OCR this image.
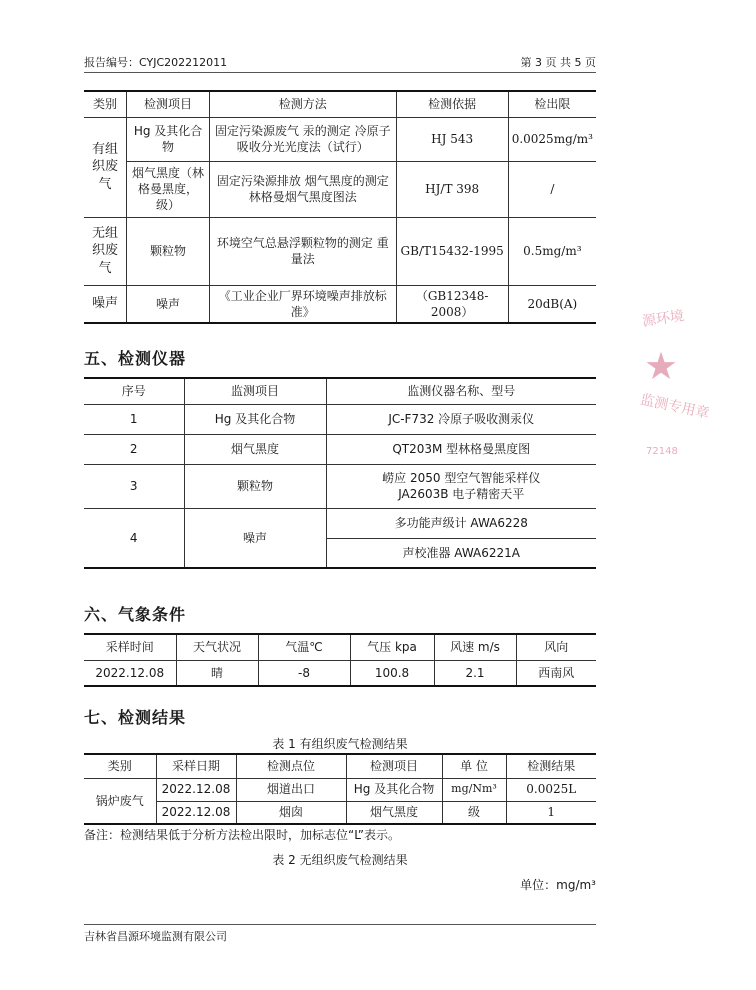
报告编号：CYJC202212011	第 3 页 共 5 页
类别	检测项目	检测方法	检测依据	检出限
有组织废气	Hg 及其化合物	固定污染源废气 汞的测定 冷原子吸收分光光度法（试行）	HJ 543	0.0025mg/m³
	烟气黑度（林格曼黑度，级）	固定污染源排放 烟气黑度的测定 林格曼烟气黑度图法	HJ/T 398	/
无组织废气	颗粒物	环境空气总悬浮颗粒物的测定 重量法	GB/T15432-1995	0.5mg/m³
噪声	噪声	《工业企业厂界环境噪声排放标准》	（GB12348-2008）	20dB(A)
五、检测仪器
序号	监测项目	监测仪器名称、型号
1	Hg 及其化合物	JC-F732 冷原子吸收测汞仪
2	烟气黑度	QT203M 型林格曼黑度图
3	颗粒物	崂应 2050 型空气智能采样仪
JA2603B 电子精密天平

4	噪声	多功能声级计 AWA6228
		声校准器 AWA6221A
六、气象条件
采样时间	天气状况	气温℃	气压 kpa	风速 m/s	风向
2022.12.08	晴	-8	100.8	2.1	西南风
七、检测结果
表 1 有组织废气检测结果
类别	采样日期	检测点位	检测项目	单 位	检测结果
锅炉废气	2022.12.08	烟道出口	Hg 及其化合物	mg/Nm³	0.0025L
	2022.12.08	烟囱	烟气黑度	级	1
备注：检测结果低于分析方法检出限时，加标志位“L”表示。
表 2 无组织废气检测结果
单位：mg/m³
源环境
★
监测专用章
72148
吉林省昌源环境监测有限公司
